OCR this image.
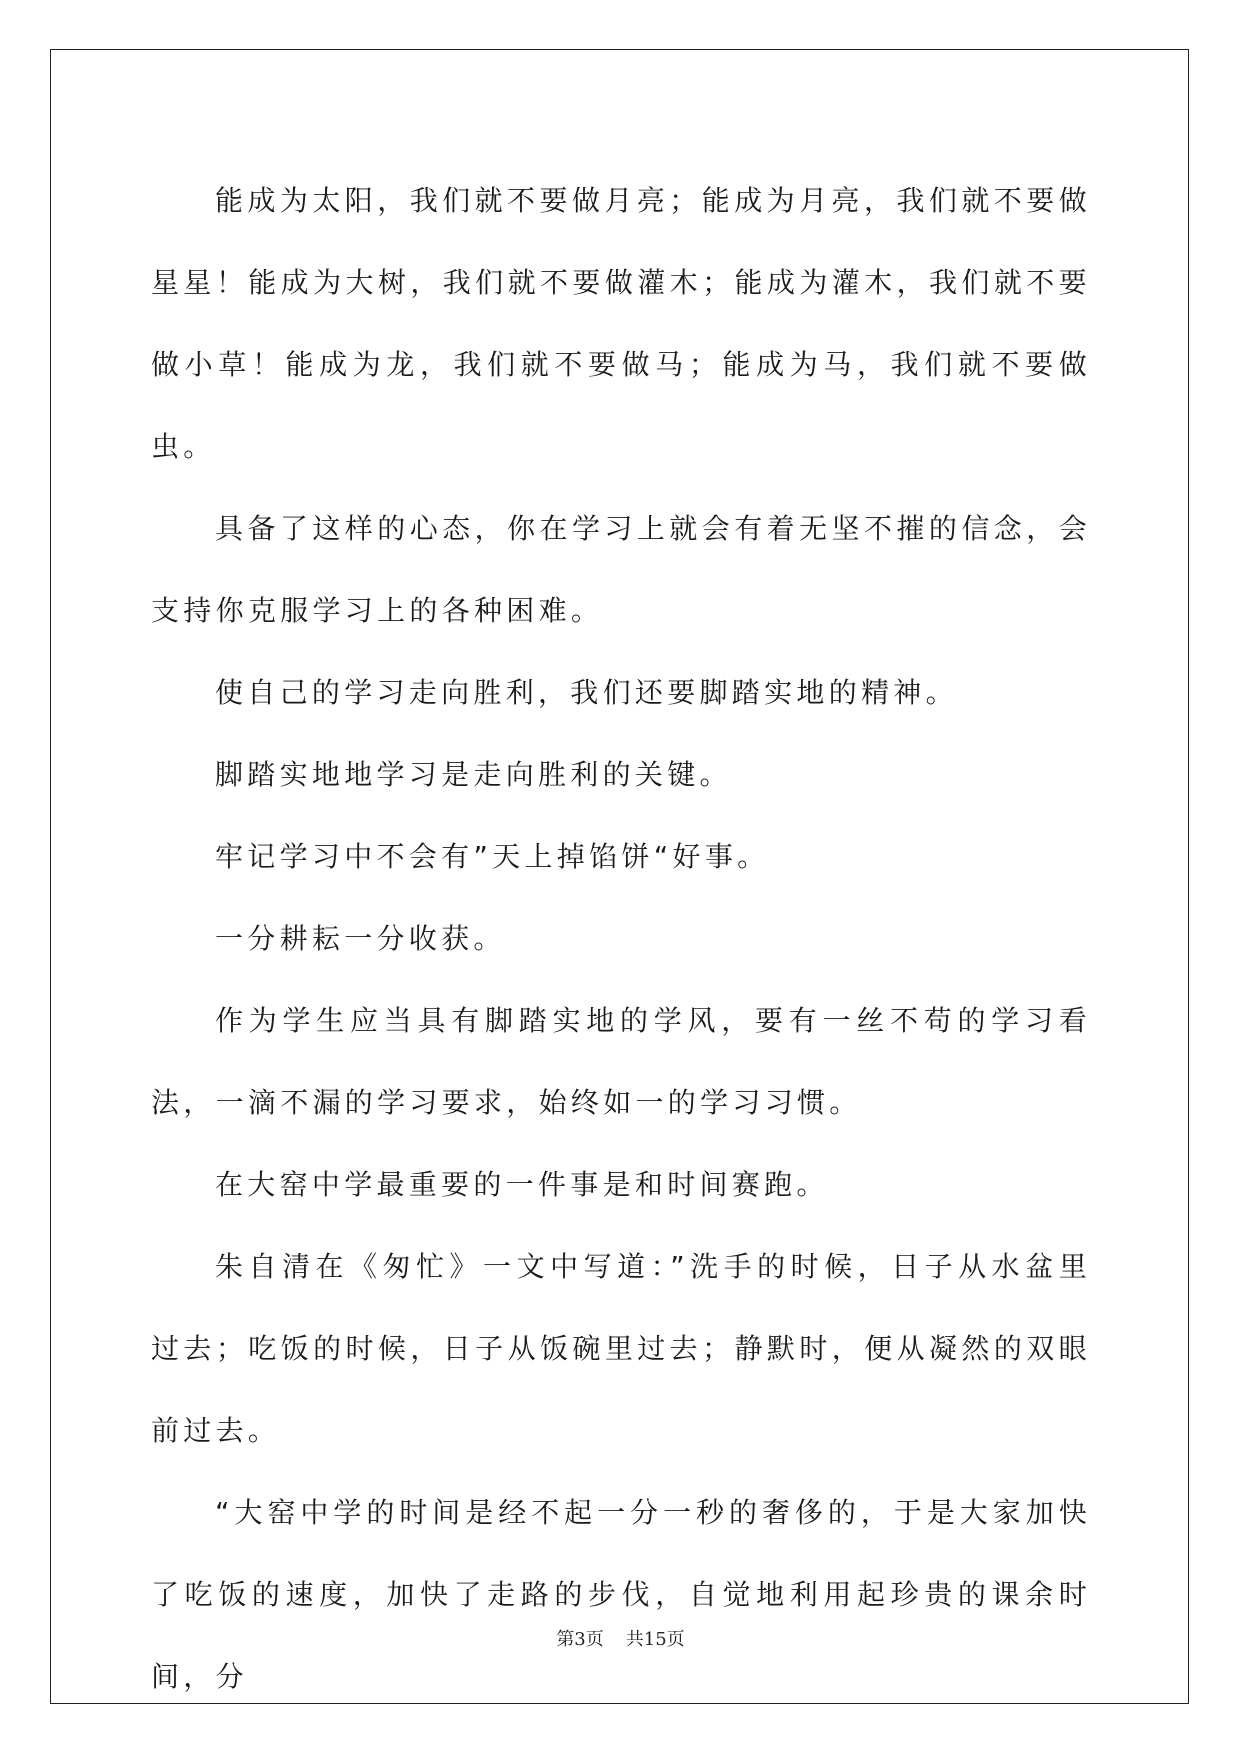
能成为太阳，我们就不要做月亮；能成为月亮，我们就不要做星星！能成为大树，我们就不要做灌木；能成为灌木，我们就不要做小草！能成为龙，我们就不要做马；能成为马，我们就不要做虫。

具备了这样的心态，你在学习上就会有着无坚不摧的信念，会支持你克服学习上的各种困难。

使自己的学习走向胜利，我们还要脚踏实地的精神。

脚踏实地地学习是走向胜利的关键。

牢记学习中不会有”天上掉馅饼“好事。

一分耕耘一分收获。

作为学生应当具有脚踏实地的学风，要有一丝不苟的学习看法，一滴不漏的学习要求，始终如一的学习习惯。

在大窑中学最重要的一件事是和时间赛跑。

朱自清在《匆忙》一文中写道：”洗手的时候，日子从水盆里过去；吃饭的时候，日子从饭碗里过去；静默时，便从凝然的双眼前过去。

“大窑中学的时间是经不起一分一秒的奢侈的，于是大家加快了吃饭的速度，加快了走路的步伐，自觉地利用起珍贵的课余时间，分

第3页 共15页
